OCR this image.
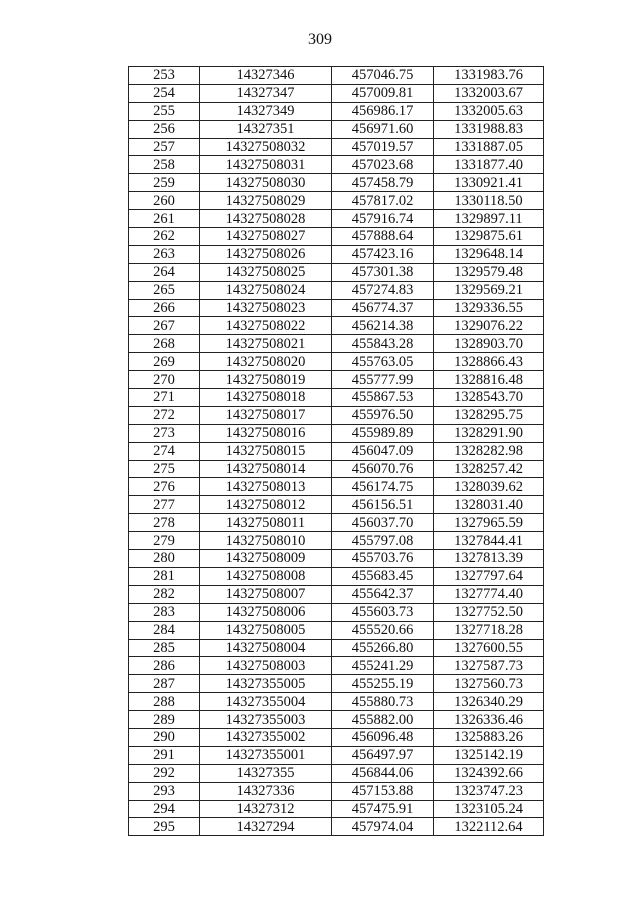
309
253	14327346	457046.75	1331983.76
254	14327347	457009.81	1332003.67
255	14327349	456986.17	1332005.63
256	14327351	456971.60	1331988.83
257	14327508032	457019.57	1331887.05
258	14327508031	457023.68	1331877.40
259	14327508030	457458.79	1330921.41
260	14327508029	457817.02	1330118.50
261	14327508028	457916.74	1329897.11
262	14327508027	457888.64	1329875.61
263	14327508026	457423.16	1329648.14
264	14327508025	457301.38	1329579.48
265	14327508024	457274.83	1329569.21
266	14327508023	456774.37	1329336.55
267	14327508022	456214.38	1329076.22
268	14327508021	455843.28	1328903.70
269	14327508020	455763.05	1328866.43
270	14327508019	455777.99	1328816.48
271	14327508018	455867.53	1328543.70
272	14327508017	455976.50	1328295.75
273	14327508016	455989.89	1328291.90
274	14327508015	456047.09	1328282.98
275	14327508014	456070.76	1328257.42
276	14327508013	456174.75	1328039.62
277	14327508012	456156.51	1328031.40
278	14327508011	456037.70	1327965.59
279	14327508010	455797.08	1327844.41
280	14327508009	455703.76	1327813.39
281	14327508008	455683.45	1327797.64
282	14327508007	455642.37	1327774.40
283	14327508006	455603.73	1327752.50
284	14327508005	455520.66	1327718.28
285	14327508004	455266.80	1327600.55
286	14327508003	455241.29	1327587.73
287	14327355005	455255.19	1327560.73
288	14327355004	455880.73	1326340.29
289	14327355003	455882.00	1326336.46
290	14327355002	456096.48	1325883.26
291	14327355001	456497.97	1325142.19
292	14327355	456844.06	1324392.66
293	14327336	457153.88	1323747.23
294	14327312	457475.91	1323105.24
295	14327294	457974.04	1322112.64
